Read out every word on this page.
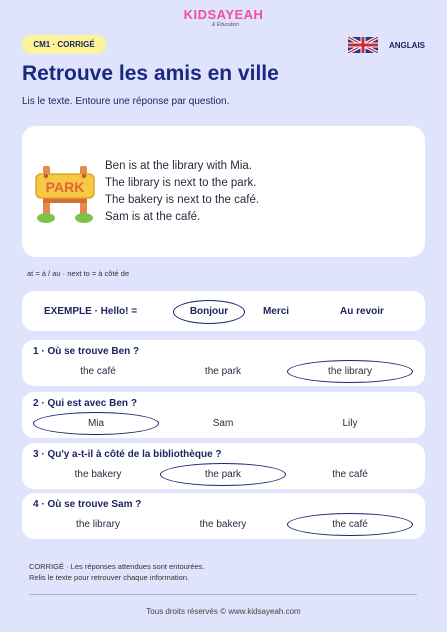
KIDSAYEAH
& Éducation
CM1 · CORRIGÉ	ANGLAIS
Retrouve les amis en ville
Lis le texte. Entoure une réponse par question.
PARK
Ben is at the library with Mia.
The library is next to the park.
The bakery is next to the café.
Sam is at the café.
at = à / au · next to = à côté de
EXEMPLE · Hello! =	Bonjour	Merci	Au revoir
1 · Où se trouve Ben ?
the café	the park	the library
2 · Qui est avec Ben ?
Mia	Sam	Lily
3 · Qu'y a-t-il à côté de la bibliothèque ?
the bakery	the park	the café
4 · Où se trouve Sam ?
the library	the bakery	the café
CORRIGÉ · Les réponses attendues sont entourées.
Relis le texte pour retrouver chaque information.
Tous droits réservés © www.kidsayeah.com
